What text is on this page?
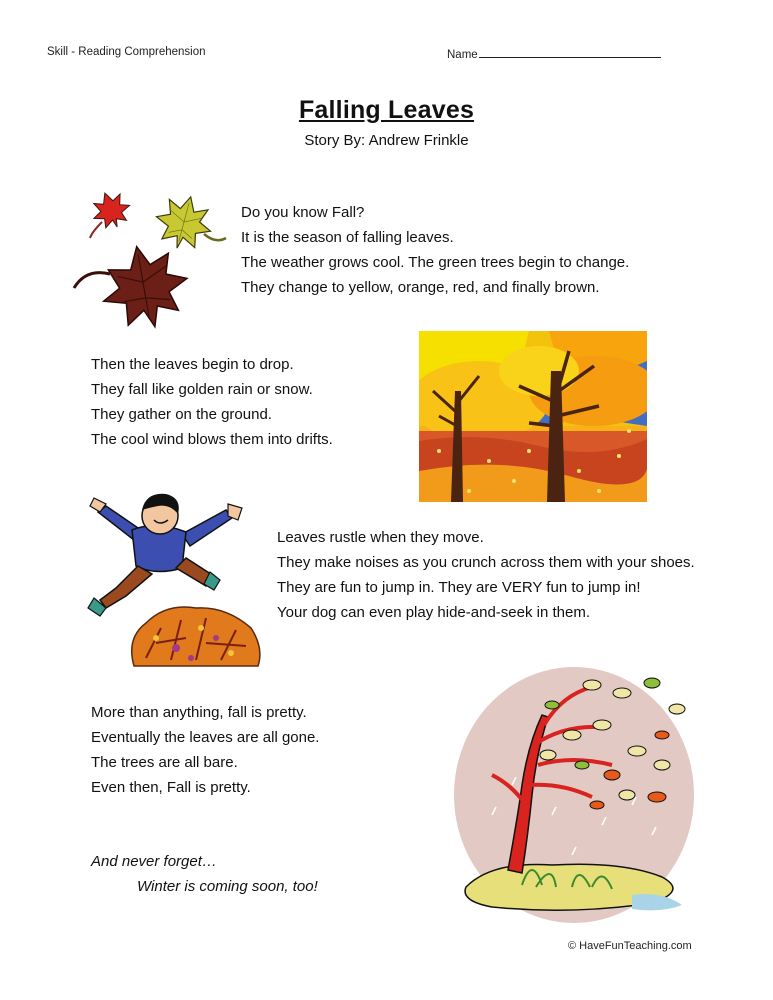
Skill - Reading Comprehension	Name
Falling Leaves
Story By: Andrew Frinkle
Do you know Fall?
It is the season of falling leaves.
The weather grows cool. The green trees begin to change.
They change to yellow, orange, red, and finally brown.
Then the leaves begin to drop.
They fall like golden rain or snow.
They gather on the ground.
The cool wind blows them into drifts.
Leaves rustle when they move.
They make noises as you crunch across them with your shoes.
They are fun to jump in. They are VERY fun to jump in!
Your dog can even play hide-and-seek in them.
More than anything, fall is pretty.
Eventually the leaves are all gone.
The trees are all bare.
Even then, Fall is pretty.
And never forget…
Winter is coming soon, too!
© HaveFunTeaching.com
